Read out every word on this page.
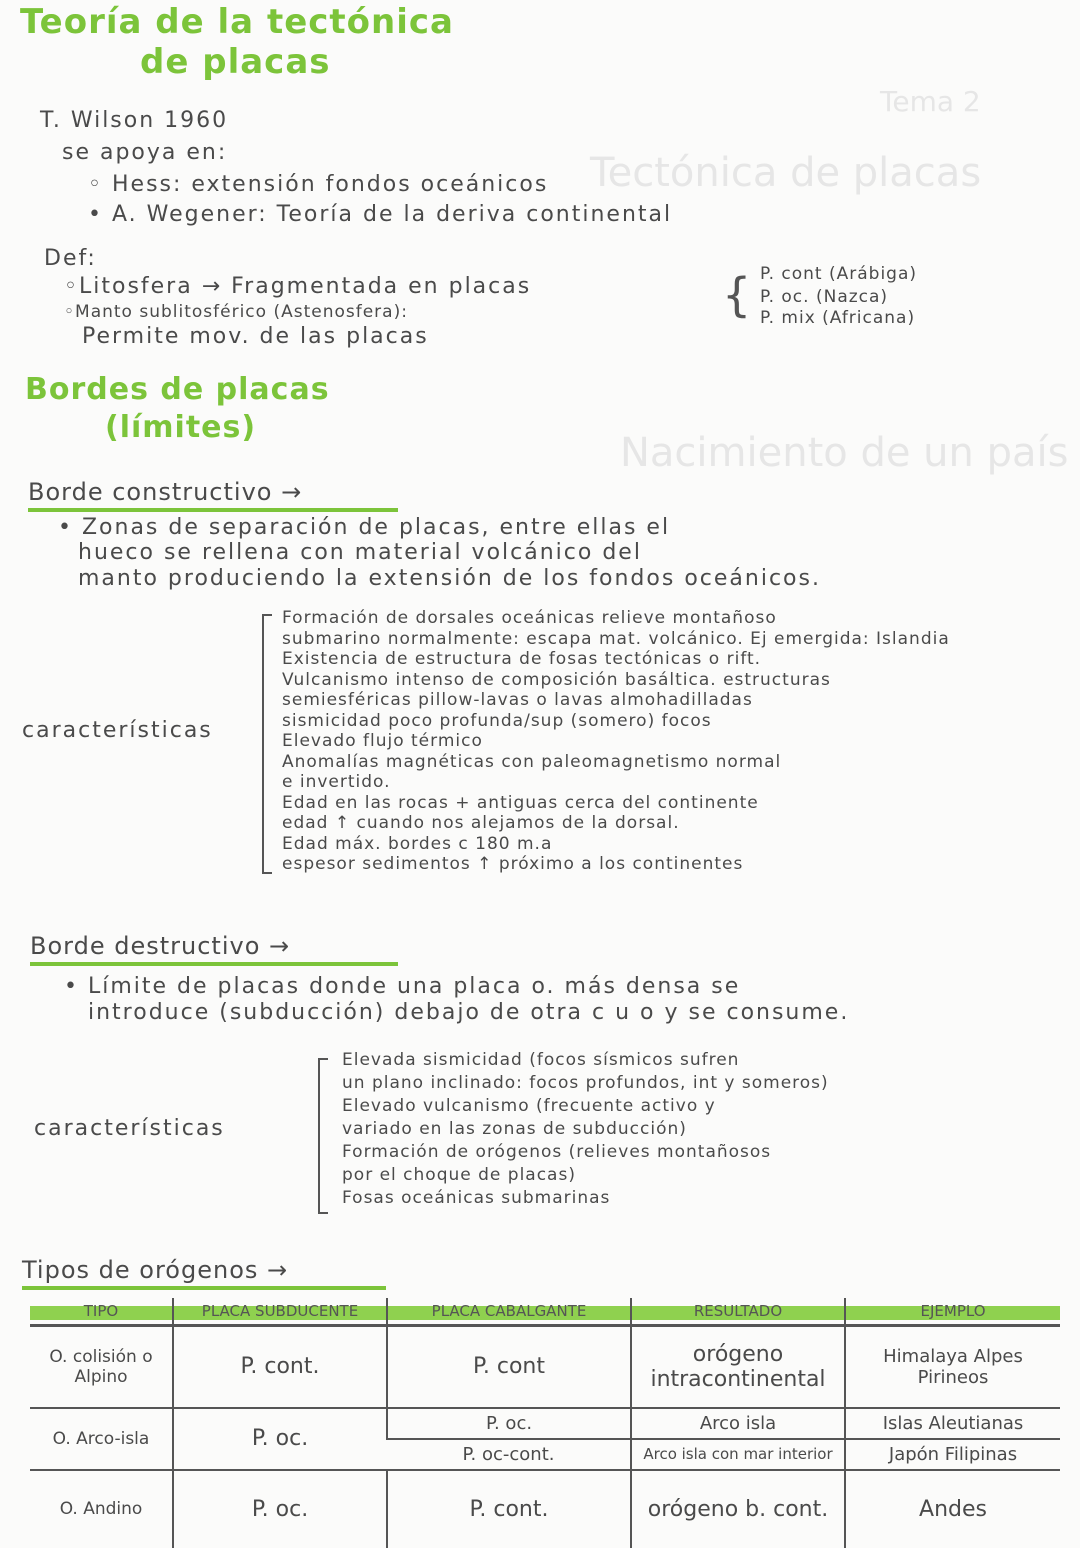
Tema 2
Tectónica de placas
Nacimiento de un país
Teoría de la tectónica
de placas
T. Wilson 1960
se apoya en:
◦ Hess: extensión fondos oceánicos
• A. Wegener: Teoría de la deriva continental
Def:
◦Litosfera → Fragmentada en placas
◦Manto sublitosférico (Astenosfera):
Permite mov. de las placas
{ P. cont (Arábiga)
P. oc. (Nazca)
P. mix (Africana)
Bordes de placas
(límites)
Borde constructivo →
• Zonas de separación de placas, entre ellas el
hueco se rellena con material volcánico del
manto produciendo la extensión de los fondos oceánicos.
características
Formación de dorsales oceánicas relieve montañoso
submarino normalmente: escapa mat. volcánico. Ej emergida: Islandia
Existencia de estructura de fosas tectónicas o rift.
Vulcanismo intenso de composición basáltica. estructuras
semiesféricas pillow-lavas o lavas almohadilladas
sismicidad poco profunda/sup (somero) focos
Elevado flujo térmico
Anomalías magnéticas con paleomagnetismo normal
e invertido.
Edad en las rocas + antiguas cerca del continente
edad ↑ cuando nos alejamos de la dorsal.
Edad máx. bordes c 180 m.a
espesor sedimentos ↑ próximo a los continentes
Borde destructivo →
• Límite de placas donde una placa o. más densa se
introduce (subducción) debajo de otra c u o y se consume.
características
Elevada sismicidad (focos sísmicos sufren
un plano inclinado: focos profundos, int y someros)
Elevado vulcanismo (frecuente activo y
variado en las zonas de subducción)
Formación de orógenos (relieves montañosos
por el choque de placas)
Fosas oceánicas submarinas
Tipos de orógenos →
TIPO	PLACA SUBDUCENTE	PLACA CABALGANTE	RESULTADO	EJEMPLO
O. colisión o Alpino	P. cont.	P. cont	orógeno intracontinental	Himalaya Alpes Pirineos
O. Arco-isla	P. oc.	P. oc.	Arco isla	Islas Aleutianas
		P. oc-cont.	Arco isla con mar interior	Japón Filipinas
O. Andino	P. oc.	P. cont.	orógeno b. cont.	Andes
